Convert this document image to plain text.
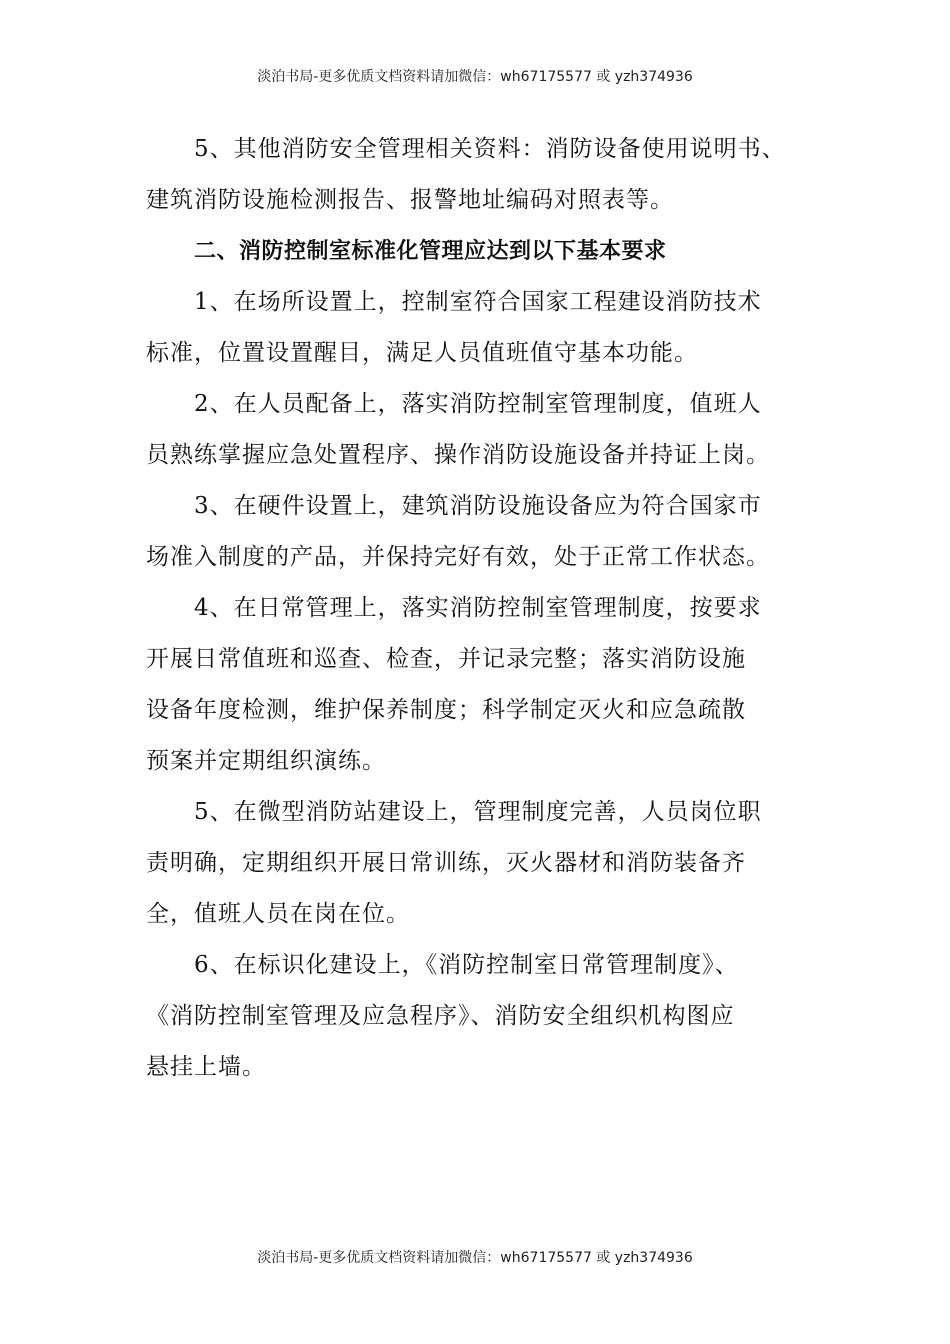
淡泊书局-更多优质文档资料请加微信：wh67175577 或 yzh374936
5、其他消防安全管理相关资料：消防设备使用说明书、
建筑消防设施检测报告、报警地址编码对照表等。
二、消防控制室标准化管理应达到以下基本要求
1、在场所设置上，控制室符合国家工程建设消防技术
标准，位置设置醒目，满足人员值班值守基本功能。
2、在人员配备上，落实消防控制室管理制度，值班人
员熟练掌握应急处置程序、操作消防设施设备并持证上岗。
3、在硬件设置上，建筑消防设施设备应为符合国家市
场准入制度的产品，并保持完好有效，处于正常工作状态。
4、在日常管理上，落实消防控制室管理制度，按要求
开展日常值班和巡查、检查，并记录完整；落实消防设施
设备年度检测，维护保养制度；科学制定灭火和应急疏散
预案并定期组织演练。
5、在微型消防站建设上，管理制度完善，人员岗位职
责明确，定期组织开展日常训练，灭火器材和消防装备齐
全，值班人员在岗在位。
6、在标识化建设上，《消防控制室日常管理制度》、
《消防控制室管理及应急程序》、消防安全组织机构图应
悬挂上墙。
淡泊书局-更多优质文档资料请加微信：wh67175577 或 yzh374936
